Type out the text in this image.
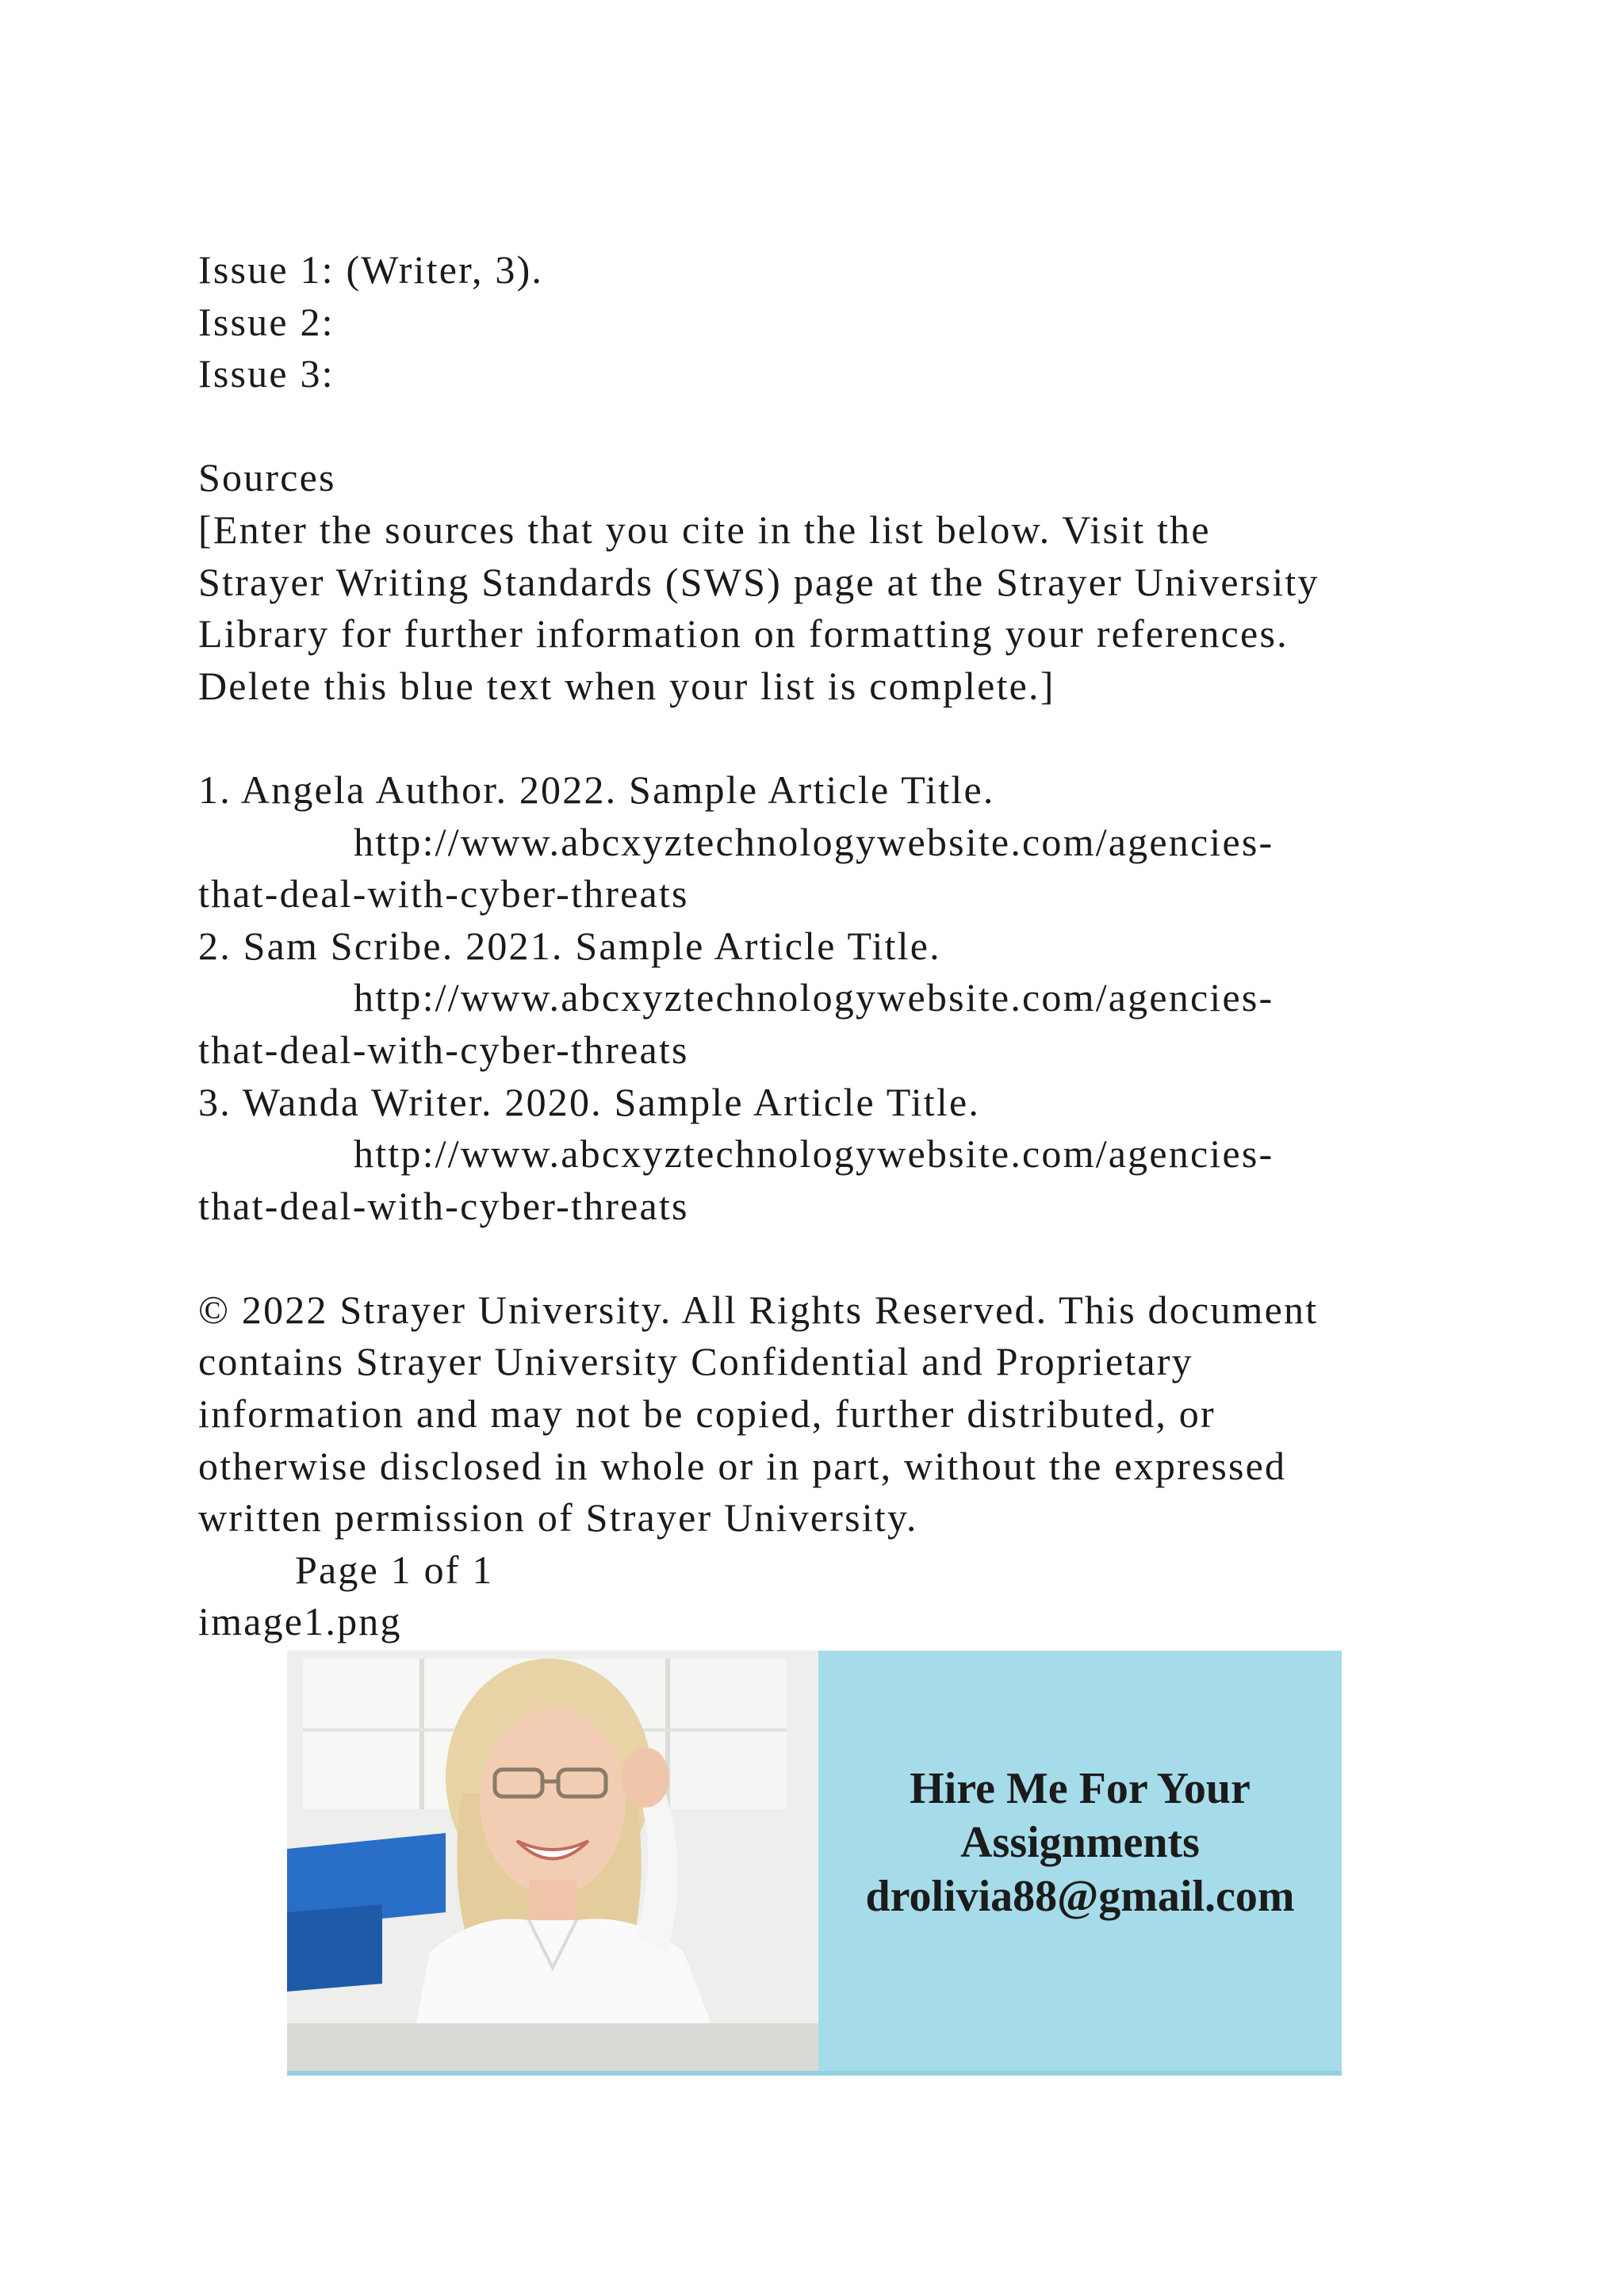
Issue 1: (Writer, 3).
Issue 2:
Issue 3:
Sources
[Enter the sources that you cite in the list below. Visit the
Strayer Writing Standards (SWS) page at the Strayer University
Library for further information on formatting your references.
Delete this blue text when your list is complete.]
1. Angela Author. 2022. Sample Article Title.
http://www.abcxyztechnologywebsite.com/agencies-
that-deal-with-cyber-threats
2. Sam Scribe. 2021. Sample Article Title.
http://www.abcxyztechnologywebsite.com/agencies-
that-deal-with-cyber-threats
3. Wanda Writer. 2020. Sample Article Title.
http://www.abcxyztechnologywebsite.com/agencies-
that-deal-with-cyber-threats
© 2022 Strayer University. All Rights Reserved. This document
contains Strayer University Confidential and Proprietary
information and may not be copied, further distributed, or
otherwise disclosed in whole or in part, without the expressed
written permission of Strayer University.
Page 1 of 1
image1.png
Hire Me For Your
Assignments
drolivia88@gmail.com
